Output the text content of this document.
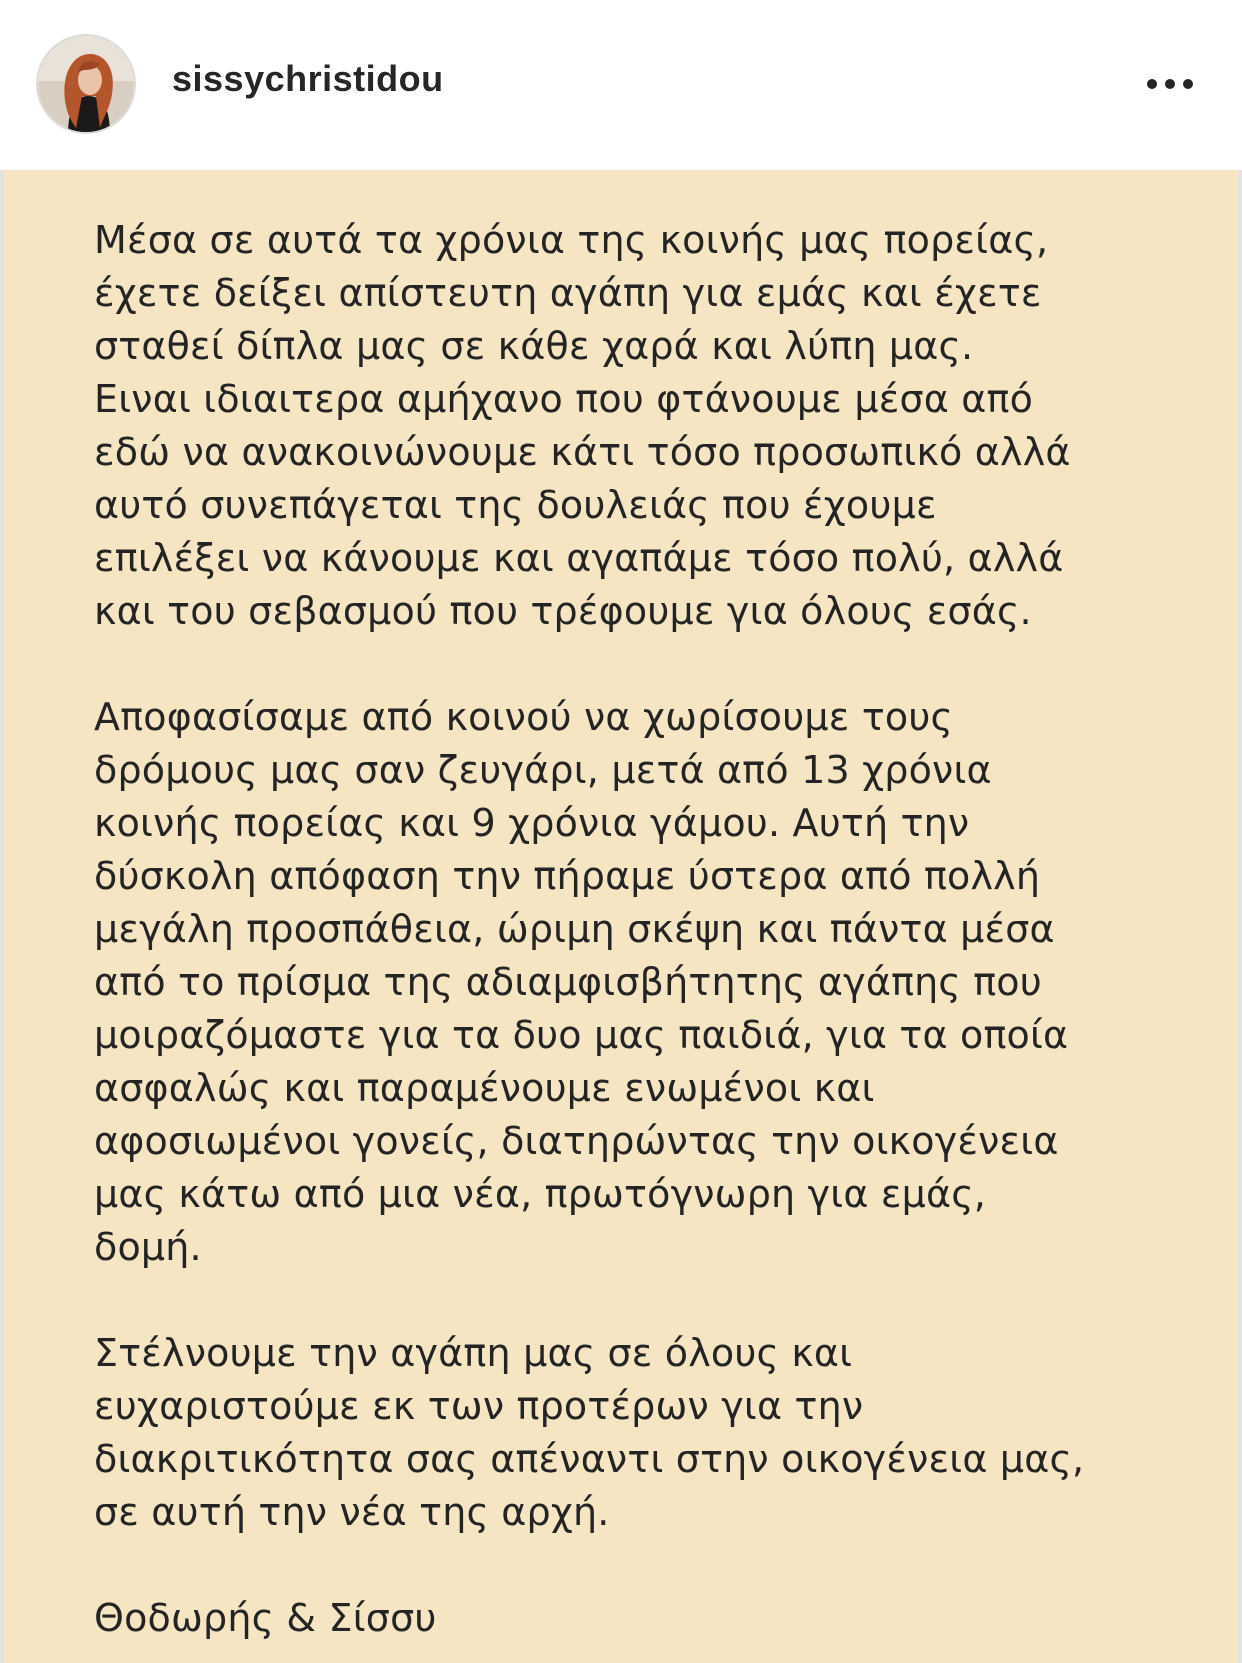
sissychristidou

Μέσα σε αυτά τα χρόνια της κοινής μας πορείας,
έχετε δείξει απίστευτη αγάπη για εμάς και έχετε
σταθεί δίπλα μας σε κάθε χαρά και λύπη μας.
Ειναι ιδιαιτερα αμήχανο που φτάνουμε μέσα από
εδώ να ανακοινώνουμε κάτι τόσο προσωπικό αλλά
αυτό συνεπάγεται της δουλειάς που έχουμε
επιλέξει να κάνουμε και αγαπάμε τόσο πολύ, αλλά
και του σεβασμού που τρέφουμε για όλους εσάς.

Αποφασίσαμε από κοινού να χωρίσουμε τους
δρόμους μας σαν ζευγάρι, μετά από 13 χρόνια
κοινής πορείας και 9 χρόνια γάμου. Αυτή την
δύσκολη απόφαση την πήραμε ύστερα από πολλή
μεγάλη προσπάθεια, ώριμη σκέψη και πάντα μέσα
από το πρίσμα της αδιαμφισβήτητης αγάπης που
μοιραζόμαστε για τα δυο μας παιδιά, για τα οποία
ασφαλώς και παραμένουμε ενωμένοι και
αφοσιωμένοι γονείς, διατηρώντας την οικογένεια
μας κάτω από μια νέα, πρωτόγνωρη για εμάς,
δομή.

Στέλνουμε την αγάπη μας σε όλους και
ευχαριστούμε εκ των προτέρων για την
διακριτικότητα σας απέναντι στην οικογένεια μας,
σε αυτή την νέα της αρχή.

Θοδωρής & Σίσσυ
